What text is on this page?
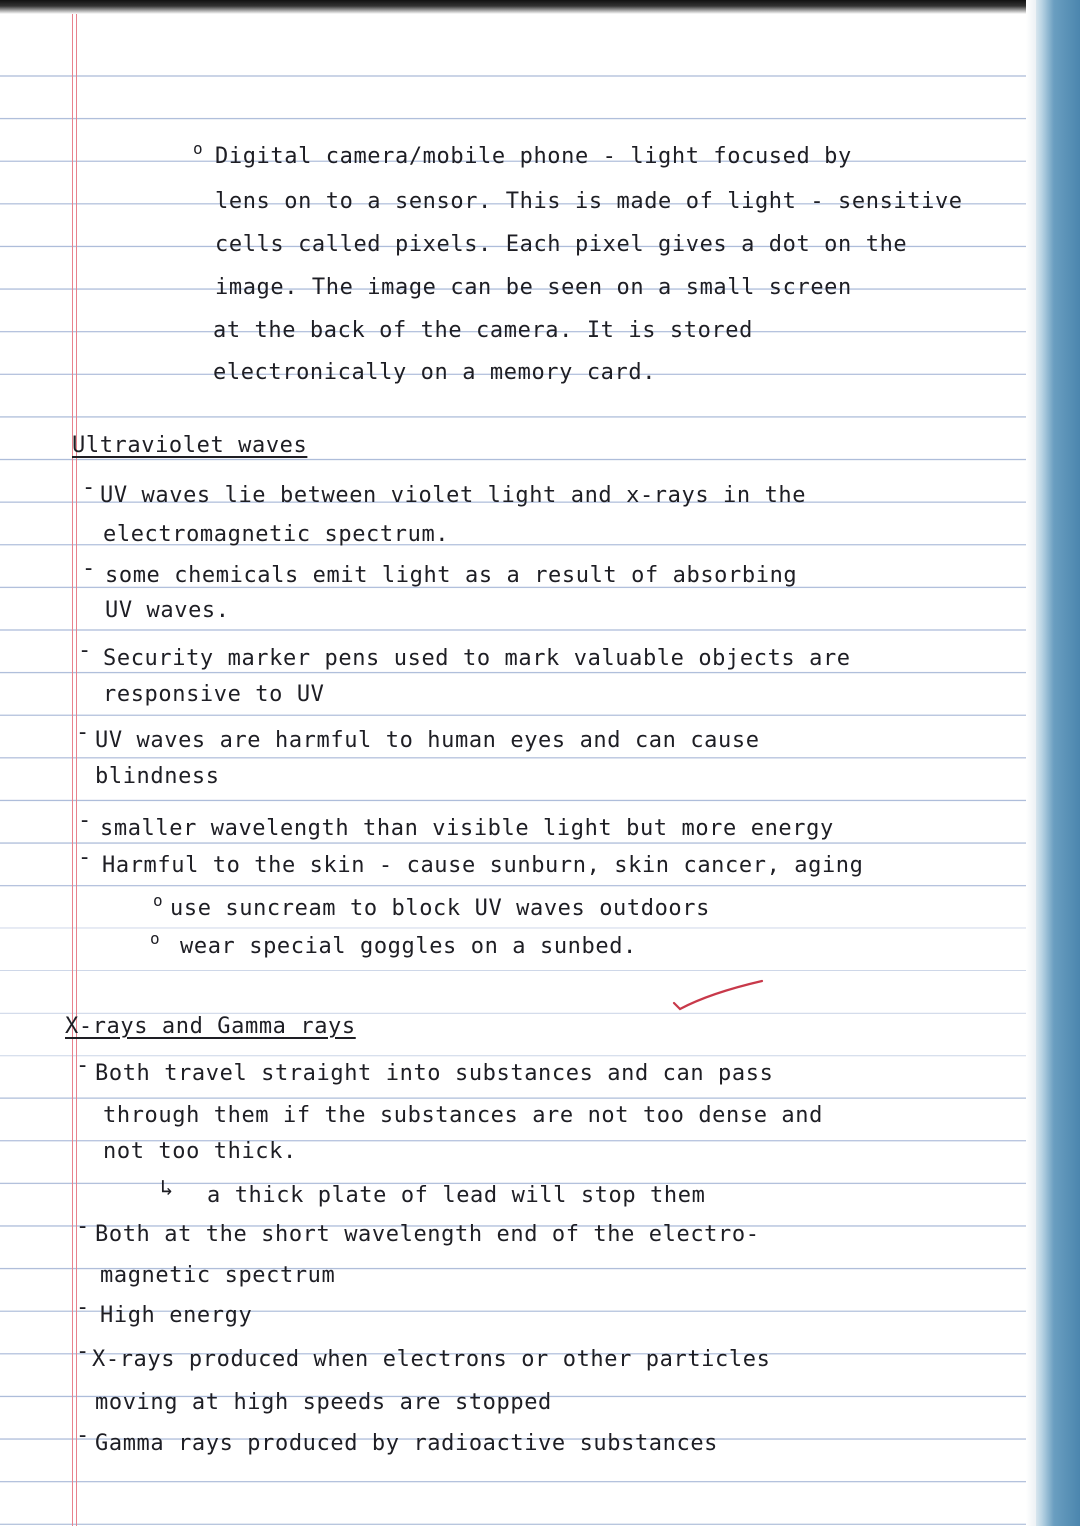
o Digital camera/mobile phone - light focused by
lens on to a sensor. This is made of light - sensitive
cells called pixels. Each pixel gives a dot on the
image. The image can be seen on a small screen
at the back of the camera. It is stored
electronically on a memory card.
Ultraviolet waves
- UV waves lie between violet light and x-rays in the
electromagnetic spectrum.
- some chemicals emit light as a result of absorbing
UV waves.
- Security marker pens used to mark valuable objects are
responsive to UV
- UV waves are harmful to human eyes and can cause
blindness
- smaller wavelength than visible light but more energy
- Harmful to the skin - cause sunburn, skin cancer, aging
o use suncream to block UV waves outdoors
o wear special goggles on a sunbed.
X-rays and Gamma rays
- Both travel straight into substances and can pass
through them if the substances are not too dense and
not too thick.
↳ a thick plate of lead will stop them
- Both at the short wavelength end of the electro-
magnetic spectrum
- High energy
- X-rays produced when electrons or other particles
moving at high speeds are stopped
- Gamma rays produced by radioactive substances
